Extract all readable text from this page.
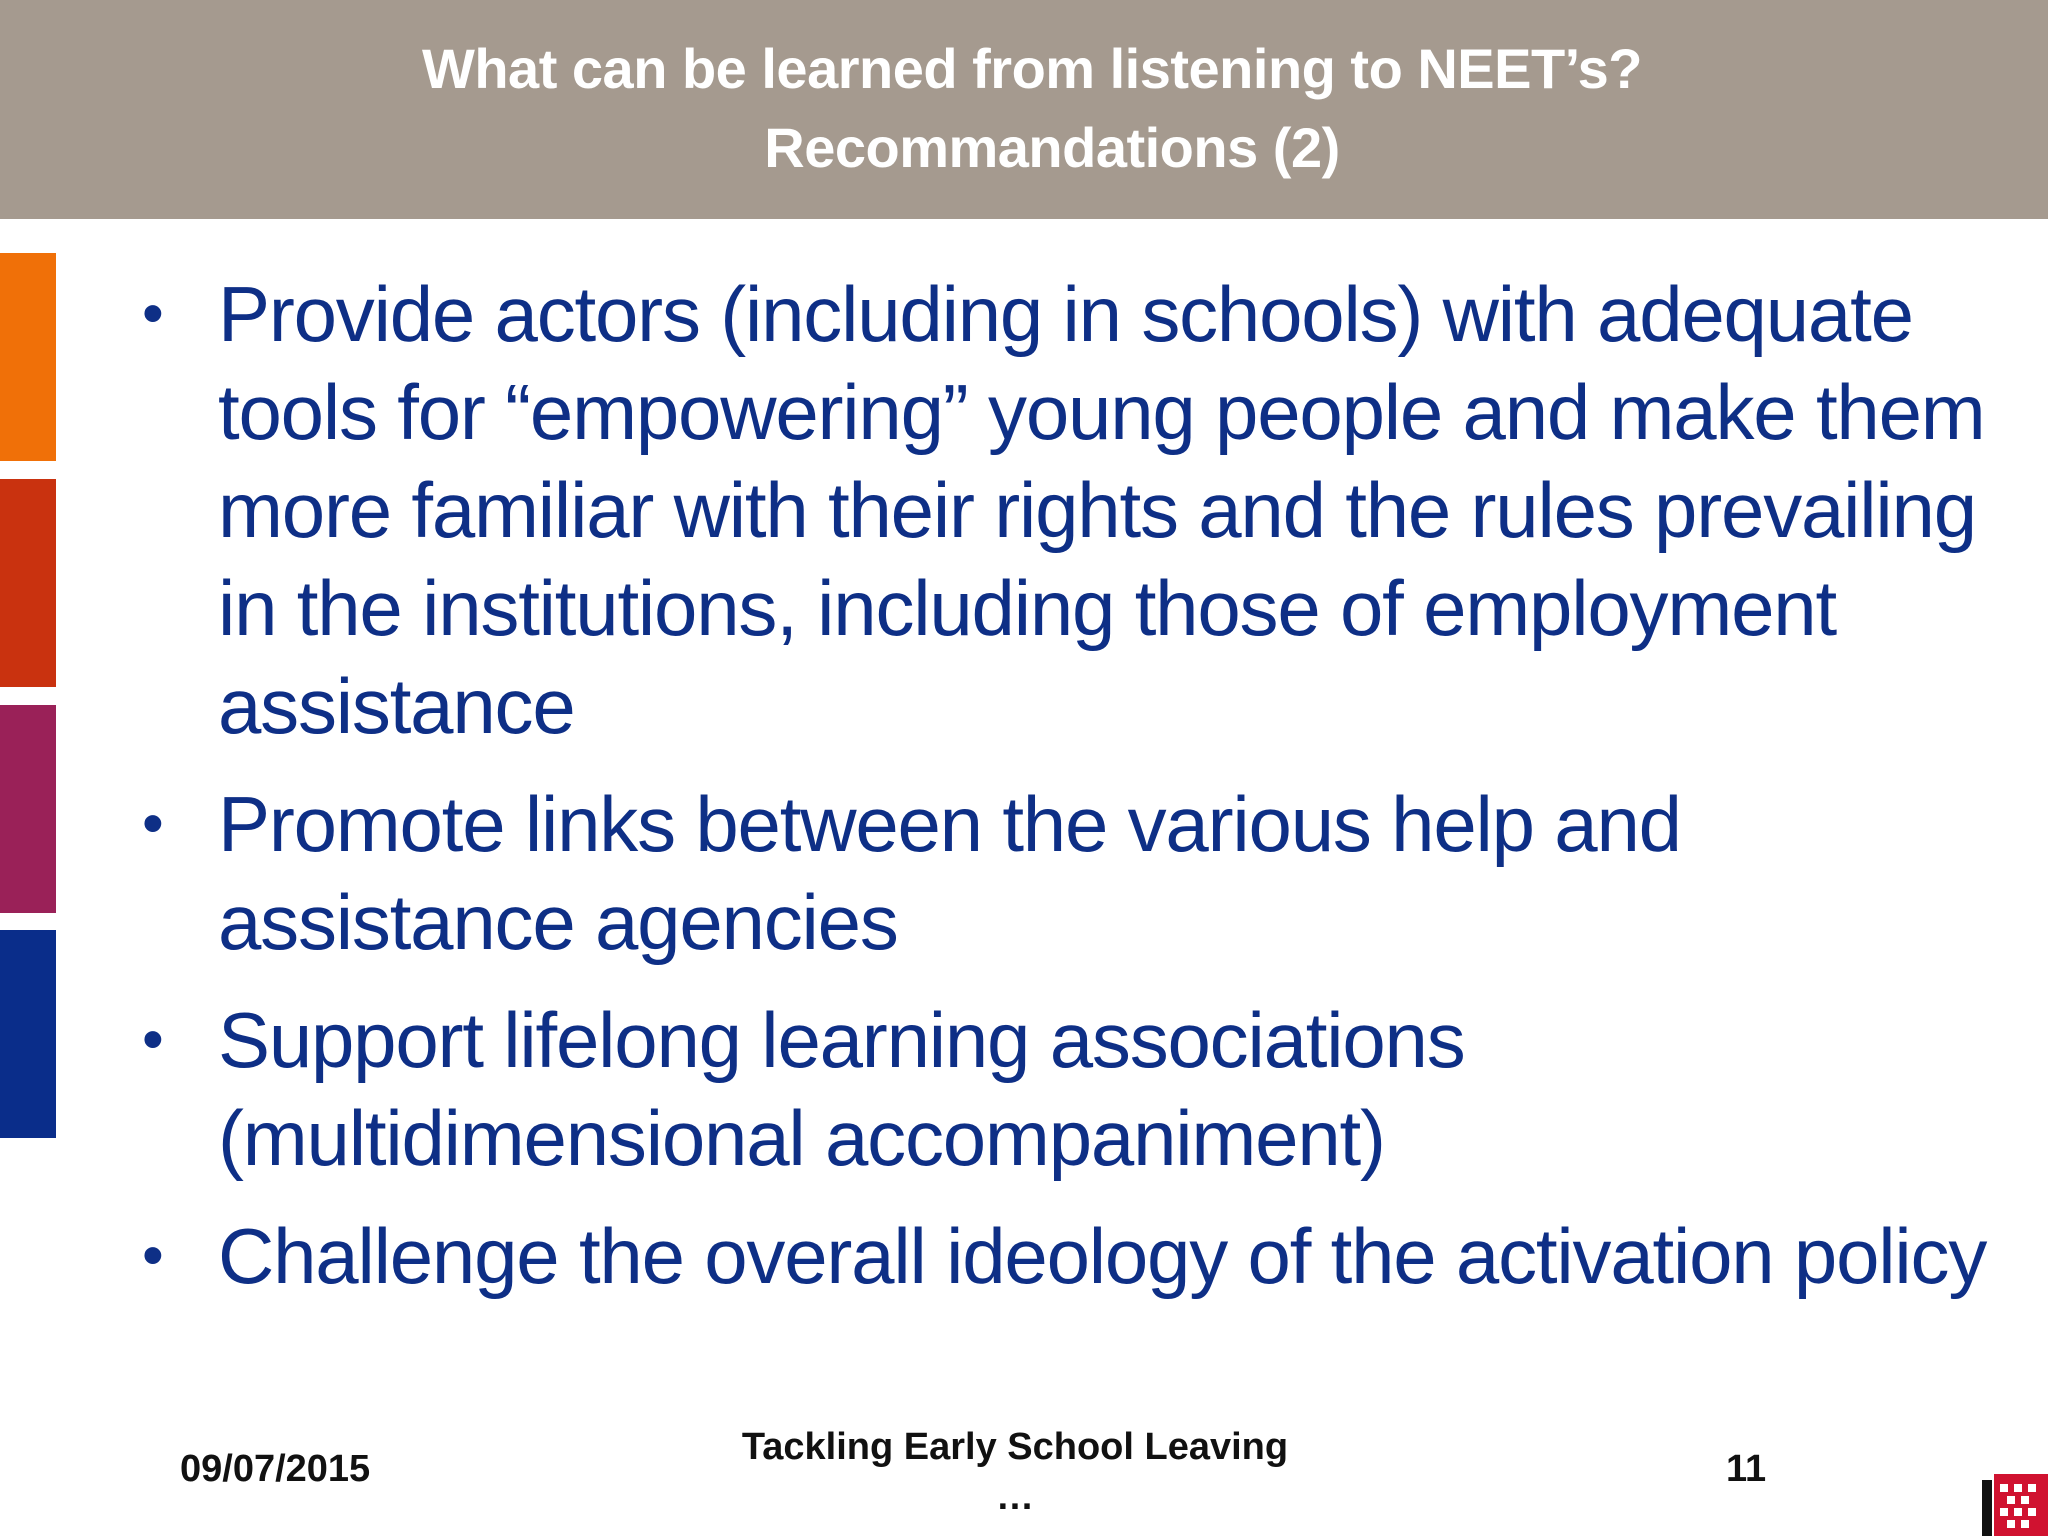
What can be learned from listening to NEET’s?
Recommandations (2)
• Provide actors (including in schools) with adequate tools for “empowering” young people and make them more familiar with their rights and the rules prevailing in the institutions, including those of employment assistance
• Promote links between the various help and assistance agencies
• Support lifelong learning associations (multidimensional accompaniment)
• Challenge the overall ideology of the activation policy
09/07/2015
Tackling Early School Leaving
…
11
